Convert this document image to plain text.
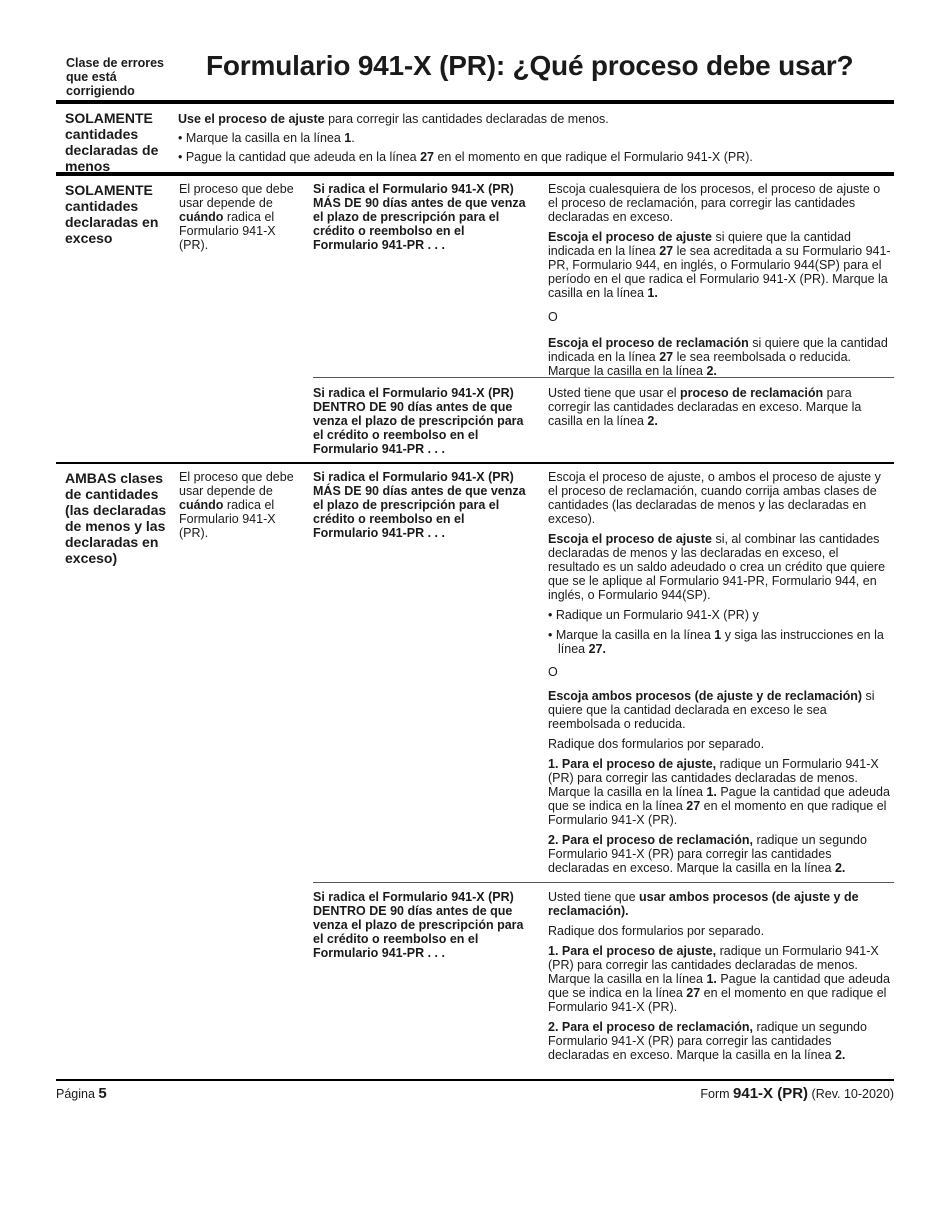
Clase de errores que está corrigiendo
Formulario 941-X (PR): ¿Qué proceso debe usar?
SOLAMENTE cantidades declaradas de menos

Use el proceso de ajuste para corregir las cantidades declaradas de menos.

• Marque la casilla en la línea 1.

• Pague la cantidad que adeuda en la línea 27 en el momento en que radique el Formulario 941-X (PR).

SOLAMENTE cantidades declaradas en exceso
El proceso que debe usar depende de cuándo radica el Formulario 941-X (PR).
Si radica el Formulario 941-X (PR) MÁS DE 90 días antes de que venza el plazo de prescripción para el crédito o reembolso en el Formulario 941-PR . . .

Escoja cualesquiera de los procesos, el proceso de ajuste o el proceso de reclamación, para corregir las cantidades declaradas en exceso.

Escoja el proceso de ajuste si quiere que la cantidad indicada en la línea 27 le sea acreditada a su Formulario 941-PR, Formulario 944, en inglés, o Formulario 944(SP) para el período en el que radica el Formulario 941-X (PR). Marque la casilla en la línea 1.

O

Escoja el proceso de reclamación si quiere que la cantidad indicada en la línea 27 le sea reembolsada o reducida. Marque la casilla en la línea 2.

Si radica el Formulario 941-X (PR) DENTRO DE 90 días antes de que venza el plazo de prescripción para el crédito o reembolso en el Formulario 941-PR . . .

Usted tiene que usar el proceso de reclamación para corregir las cantidades declaradas en exceso. Marque la casilla en la línea 2.

AMBAS clases de cantidades (las declaradas de menos y las declaradas en exceso)
El proceso que debe usar depende de cuándo radica el Formulario 941-X (PR).
Si radica el Formulario 941-X (PR) MÁS DE 90 días antes de que venza el plazo de prescripción para el crédito o reembolso en el Formulario 941-PR . . .

Escoja el proceso de ajuste, o ambos el proceso de ajuste y el proceso de reclamación, cuando corrija ambas clases de cantidades (las declaradas de menos y las declaradas en exceso).

Escoja el proceso de ajuste si, al combinar las cantidades declaradas de menos y las declaradas en exceso, el resultado es un saldo adeudado o crea un crédito que quiere que se le aplique al Formulario 941-PR, Formulario 944, en inglés, o Formulario 944(SP).

• Radique un Formulario 941-X (PR) y

• Marque la casilla en la línea 1 y siga las instrucciones en la línea 27.

O

Escoja ambos procesos (de ajuste y de reclamación) si quiere que la cantidad declarada en exceso le sea reembolsada o reducida.

Radique dos formularios por separado.

1. Para el proceso de ajuste, radique un Formulario 941-X (PR) para corregir las cantidades declaradas de menos. Marque la casilla en la línea 1. Pague la cantidad que adeuda que se indica en la línea 27 en el momento en que radique el Formulario 941-X (PR).

2. Para el proceso de reclamación, radique un segundo Formulario 941-X (PR) para corregir las cantidades declaradas en exceso. Marque la casilla en la línea 2.

Si radica el Formulario 941-X (PR) DENTRO DE 90 días antes de que venza el plazo de prescripción para el crédito o reembolso en el Formulario 941-PR . . .

Usted tiene que usar ambos procesos (de ajuste y de reclamación).

Radique dos formularios por separado.

1. Para el proceso de ajuste, radique un Formulario 941-X (PR) para corregir las cantidades declaradas de menos. Marque la casilla en la línea 1. Pague la cantidad que adeuda que se indica en la línea 27 en el momento en que radique el Formulario 941-X (PR).

2. Para el proceso de reclamación, radique un segundo Formulario 941-X (PR) para corregir las cantidades declaradas en exceso. Marque la casilla en la línea 2.

Página 5	Form 941-X (PR) (Rev. 10-2020)
